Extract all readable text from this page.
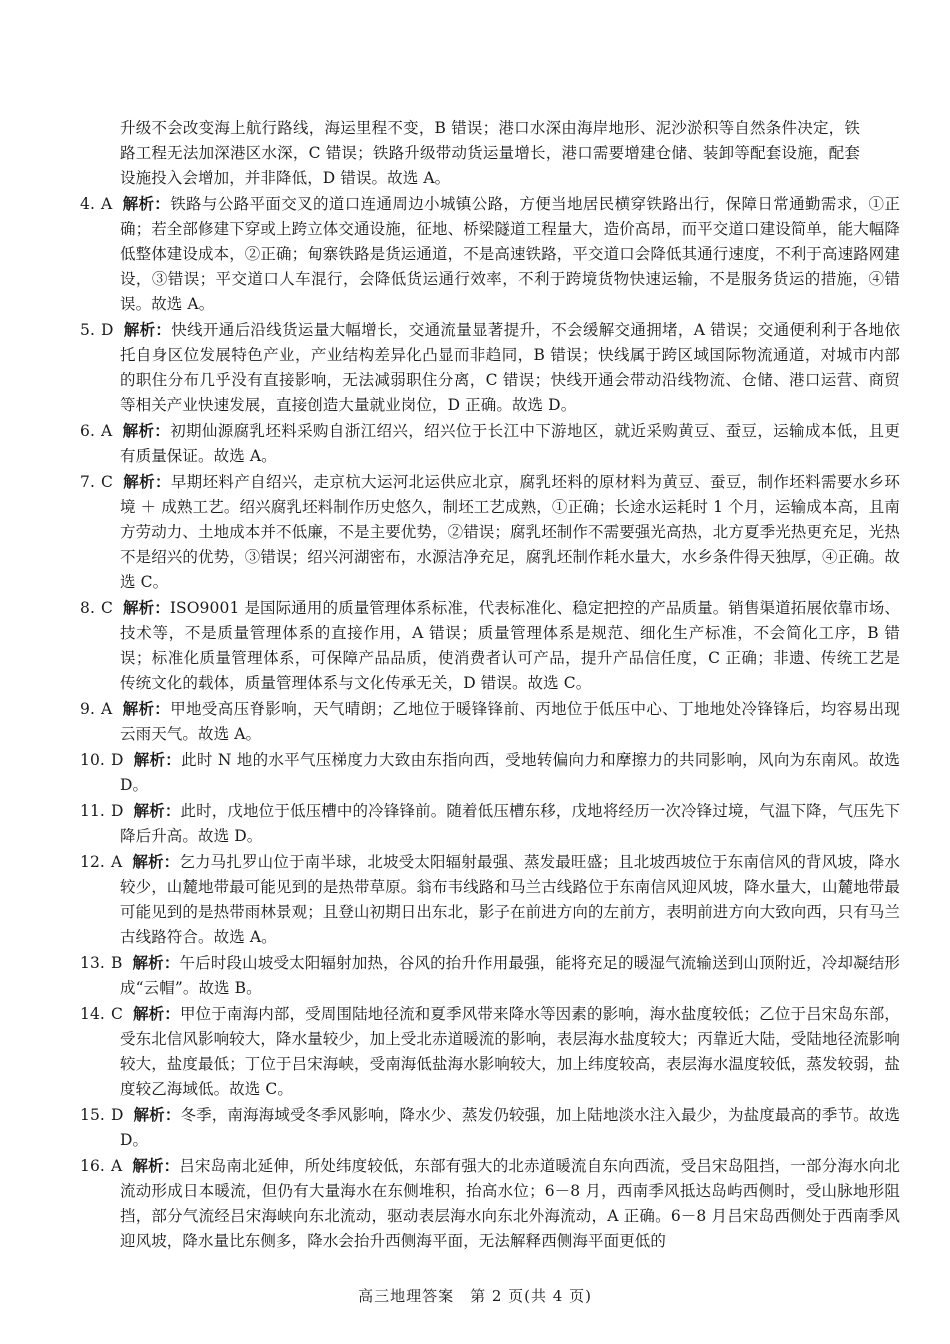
升级不会改变海上航行路线，海运里程不变，B 错误；港口水深由海岸地形、泥沙淤积等自然条件决定，铁路工程无法加深港区水深，C 错误；铁路升级带动货运量增长，港口需要增建仓储、装卸等配套设施，配套设施投入会增加，并非降低，D 错误。故选 A。
4. A 解析：铁路与公路平面交叉的道口连通周边小城镇公路，方便当地居民横穿铁路出行，保障日常通勤需求，①正确；若全部修建下穿或上跨立体交通设施，征地、桥梁隧道工程量大，造价高昂，而平交道口建设简单，能大幅降低整体建设成本，②正确；甸寨铁路是货运通道，不是高速铁路，平交道口会降低其通行速度，不利于高速路网建设，③错误；平交道口人车混行，会降低货运通行效率，不利于跨境货物快速运输，不是服务货运的措施，④错误。故选 A。
5. D 解析：快线开通后沿线货运量大幅增长，交通流量显著提升，不会缓解交通拥堵，A 错误；交通便利利于各地依托自身区位发展特色产业，产业结构差异化凸显而非趋同，B 错误；快线属于跨区域国际物流通道，对城市内部的职住分布几乎没有直接影响，无法减弱职住分离，C 错误；快线开通会带动沿线物流、仓储、港口运营、商贸等相关产业快速发展，直接创造大量就业岗位，D 正确。故选 D。
6. A 解析：初期仙源腐乳坯料采购自浙江绍兴，绍兴位于长江中下游地区，就近采购黄豆、蚕豆，运输成本低，且更有质量保证。故选 A。
7. C 解析：早期坯料产自绍兴，走京杭大运河北运供应北京，腐乳坯料的原材料为黄豆、蚕豆，制作坯料需要水乡环境 ＋ 成熟工艺。绍兴腐乳坯料制作历史悠久，制坯工艺成熟，①正确；长途水运耗时 1 个月，运输成本高，且南方劳动力、土地成本并不低廉，不是主要优势，②错误；腐乳坯制作不需要强光高热，北方夏季光热更充足，光热不是绍兴的优势，③错误；绍兴河湖密布，水源洁净充足，腐乳坯制作耗水量大，水乡条件得天独厚，④正确。故选 C。
8. C 解析：ISO9001 是国际通用的质量管理体系标准，代表标准化、稳定把控的产品质量。销售渠道拓展依靠市场、技术等，不是质量管理体系的直接作用，A 错误；质量管理体系是规范、细化生产标准，不会简化工序，B 错误；标准化质量管理体系，可保障产品品质，使消费者认可产品，提升产品信任度，C 正确；非遗、传统工艺是传统文化的载体，质量管理体系与文化传承无关，D 错误。故选 C。
9. A 解析：甲地受高压脊影响，天气晴朗；乙地位于暖锋锋前、丙地位于低压中心、丁地地处冷锋锋后，均容易出现云雨天气。故选 A。
10. D 解析：此时 N 地的水平气压梯度力大致由东指向西，受地转偏向力和摩擦力的共同影响，风向为东南风。故选 D。
11. D 解析：此时，戊地位于低压槽中的冷锋锋前。随着低压槽东移，戊地将经历一次冷锋过境，气温下降，气压先下降后升高。故选 D。
12. A 解析：乞力马扎罗山位于南半球，北坡受太阳辐射最强、蒸发最旺盛；且北坡西坡位于东南信风的背风坡，降水较少，山麓地带最可能见到的是热带草原。翁布韦线路和马兰古线路位于东南信风迎风坡，降水量大，山麓地带最可能见到的是热带雨林景观；且登山初期日出东北，影子在前进方向的左前方，表明前进方向大致向西，只有马兰古线路符合。故选 A。
13. B 解析：午后时段山坡受太阳辐射加热，谷风的抬升作用最强，能将充足的暖湿气流输送到山顶附近，冷却凝结形成“云帽”。故选 B。
14. C 解析：甲位于南海内部，受周围陆地径流和夏季风带来降水等因素的影响，海水盐度较低；乙位于吕宋岛东部，受东北信风影响较大，降水量较少，加上受北赤道暖流的影响，表层海水盐度较大；丙靠近大陆，受陆地径流影响较大，盐度最低；丁位于吕宋海峡，受南海低盐海水影响较大，加上纬度较高，表层海水温度较低，蒸发较弱，盐度较乙海域低。故选 C。
15. D 解析：冬季，南海海域受冬季风影响，降水少、蒸发仍较强，加上陆地淡水注入最少，为盐度最高的季节。故选 D。
16. A 解析：吕宋岛南北延伸，所处纬度较低，东部有强大的北赤道暖流自东向西流，受吕宋岛阻挡，一部分海水向北流动形成日本暖流，但仍有大量海水在东侧堆积，抬高水位；6－8 月，西南季风抵达岛屿西侧时，受山脉地形阻挡，部分气流经吕宋海峡向东北流动，驱动表层海水向东北外海流动，A 正确。6－8 月吕宋岛西侧处于西南季风迎风坡，降水量比东侧多，降水会抬升西侧海平面，无法解释西侧海平面更低的
高三地理答案　第 2 页(共 4 页)
